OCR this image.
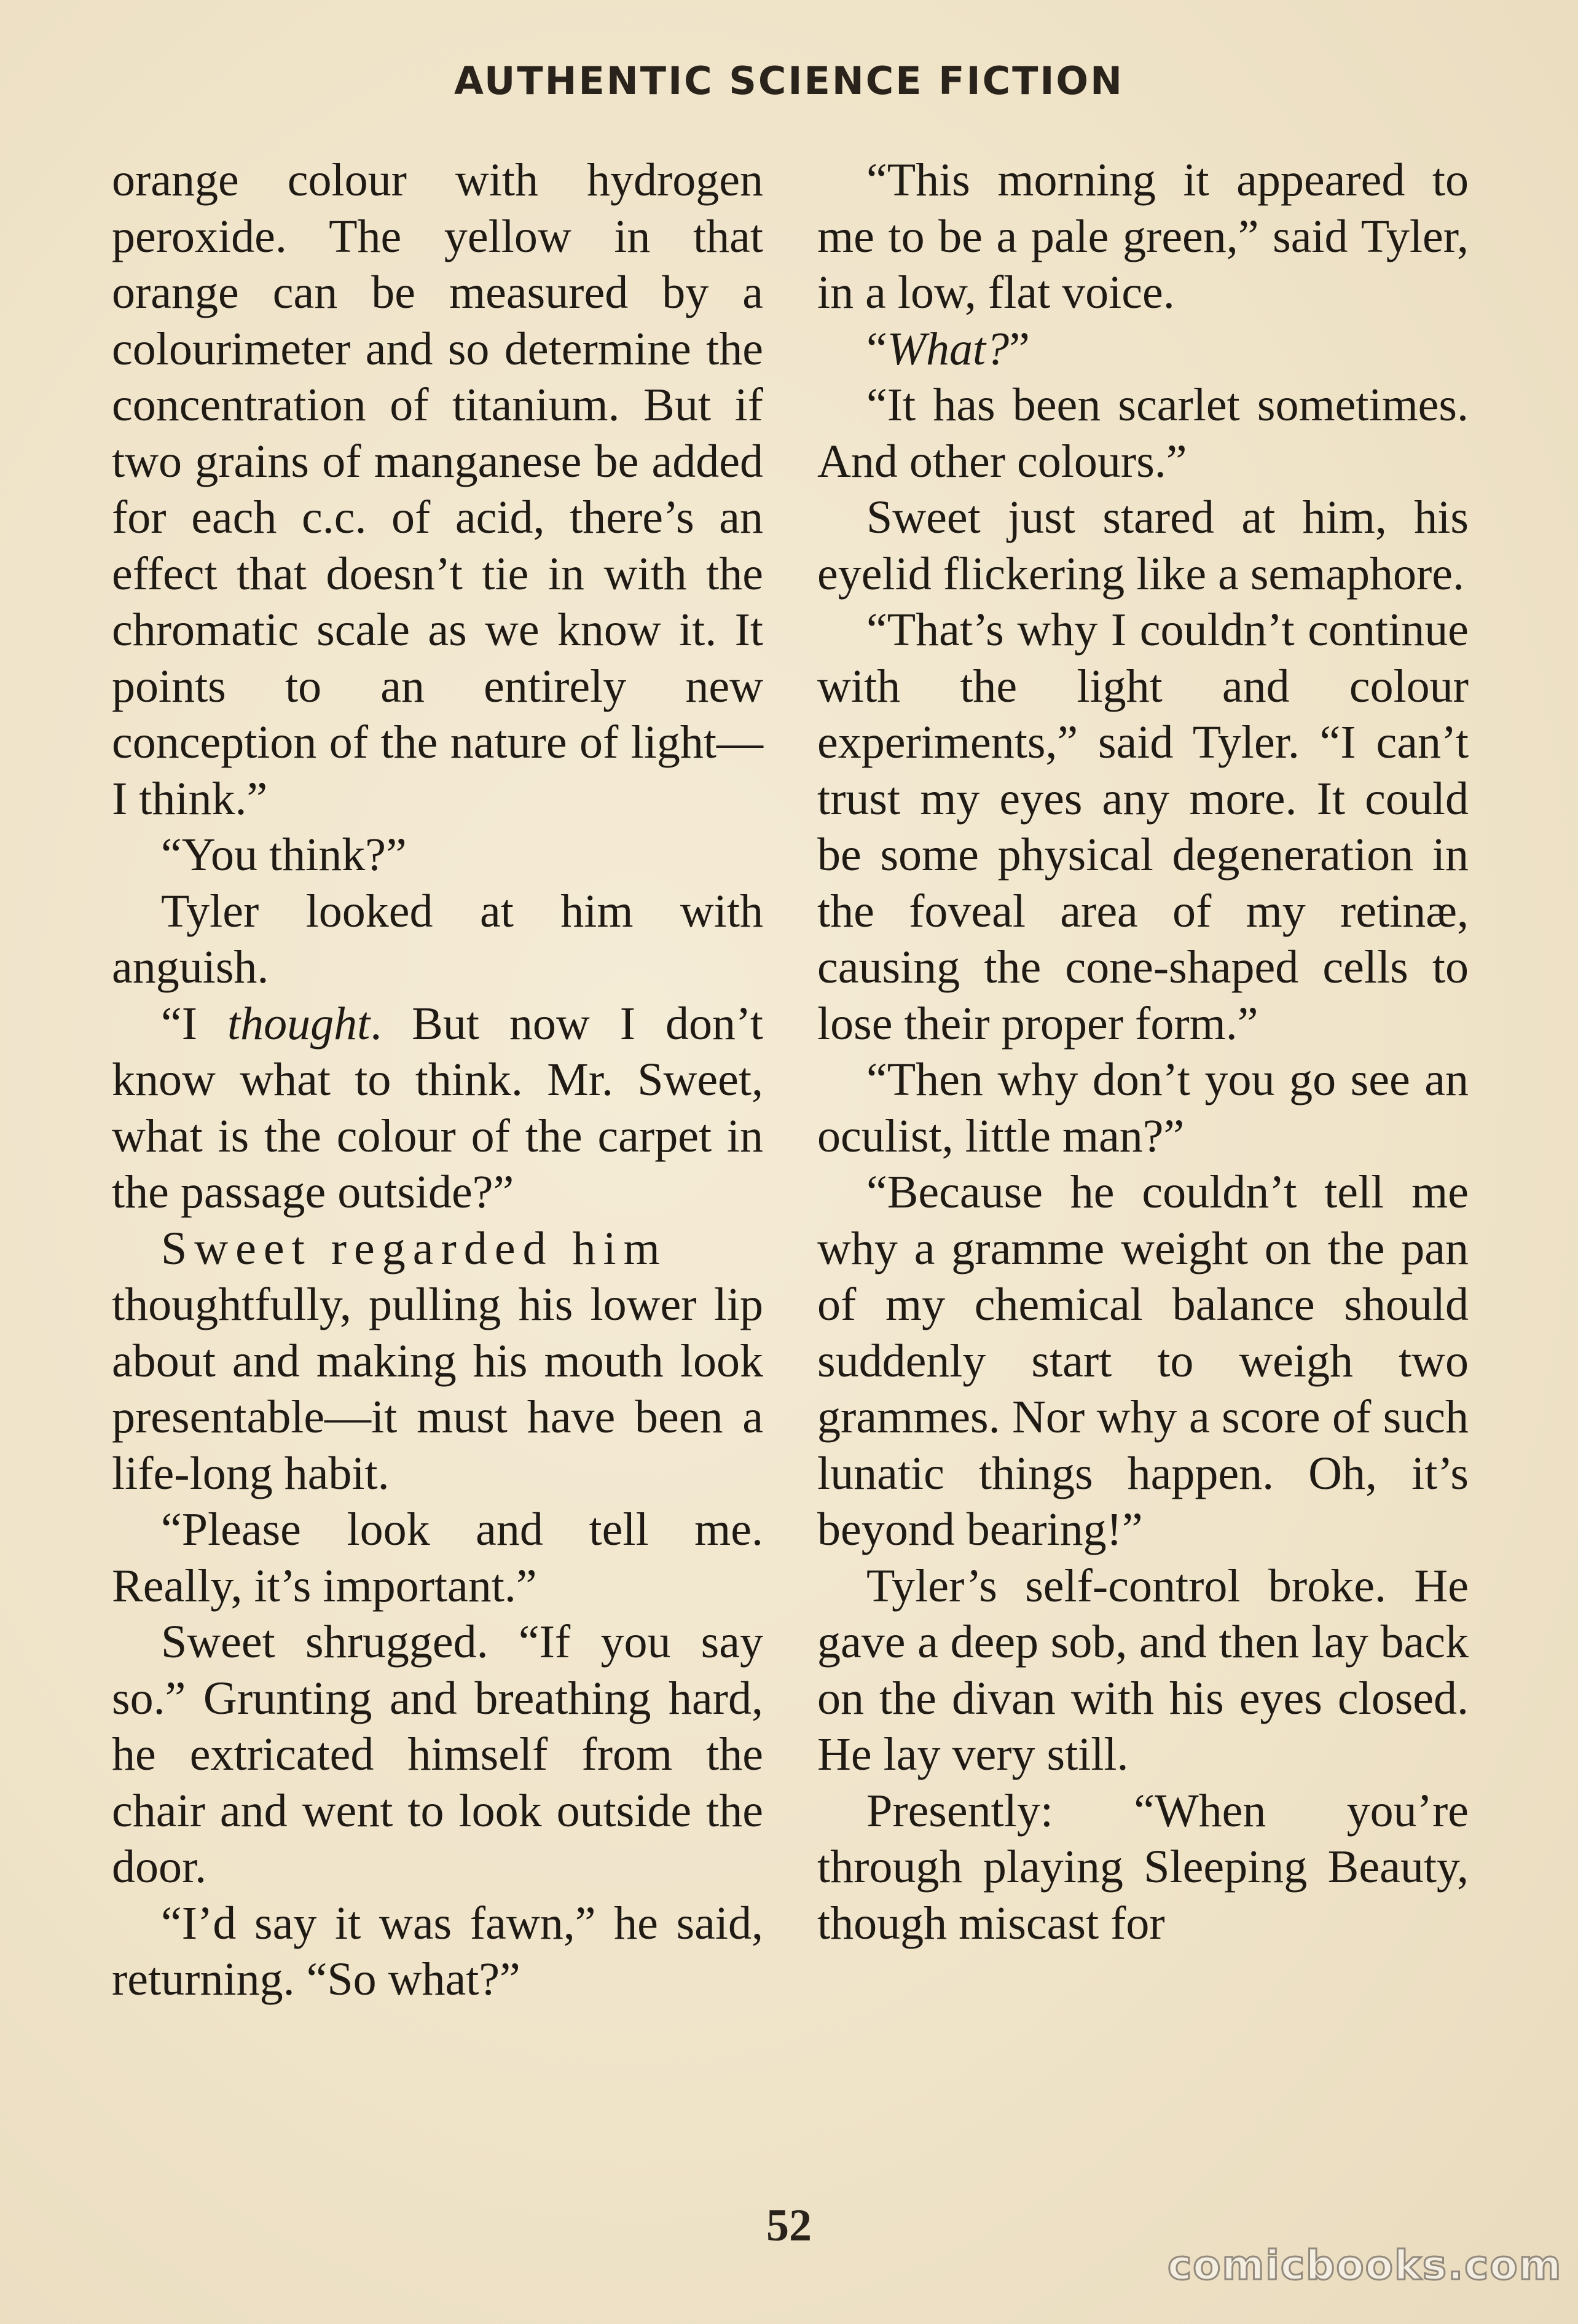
AUTHENTIC SCIENCE FICTION

orange colour with hydrogen peroxide. The yellow in that orange can be measured by a colourimeter and so determine the concentration of titanium. But if two grains of manganese be added for each c.c. of acid, there’s an effect that doesn’t tie in with the chromatic scale as we know it. It points to an entirely new conception of the nature of light—I think.”

“You think?”

Tyler looked at him with anguish.

“I thought. But now I don’t know what to think. Mr. Sweet, what is the colour of the carpet in the passage outside?”

Sweet regarded him

thoughtfully, pulling his lower lip about and making his mouth look presentable—it must have been a life-long habit.

“Please look and tell me. Really, it’s important.”

Sweet shrugged. “If you say so.” Grunting and breathing hard, he extricated himself from the chair and went to look outside the door.

“I’d say it was fawn,” he said, returning. “So what?”

“This morning it appeared to me to be a pale green,” said Tyler, in a low, flat voice.

“What?”

“It has been scarlet sometimes. And other colours.”

Sweet just stared at him, his eyelid flickering like a semaphore.

“That’s why I couldn’t continue with the light and colour experiments,” said Tyler. “I can’t trust my eyes any more. It could be some physical degeneration in the foveal area of my retinæ, causing the cone-shaped cells to lose their proper form.”

“Then why don’t you go see an oculist, little man?”

“Because he couldn’t tell me why a gramme weight on the pan of my chemical balance should suddenly start to weigh two grammes. Nor why a score of such lunatic things happen. Oh, it’s beyond bearing!”

Tyler’s self-control broke. He gave a deep sob, and then lay back on the divan with his eyes closed. He lay very still.

Presently: “When you’re through playing Sleeping Beauty, though miscast for

52
comicbooks.com
